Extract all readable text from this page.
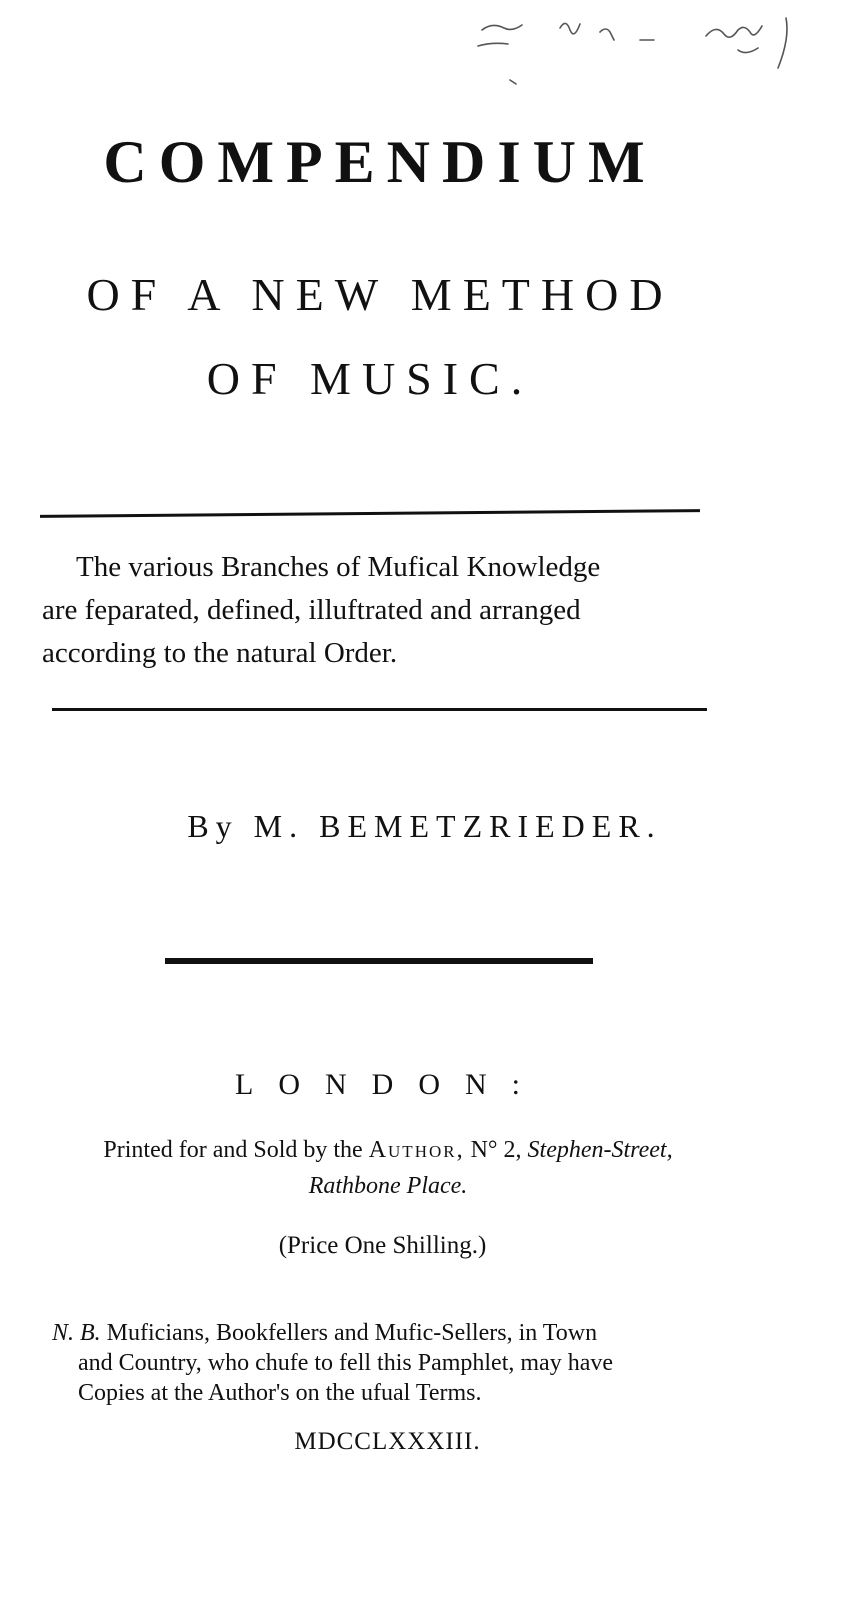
COMPENDIUM
OF A NEW METHOD
OF MUSIC.
The various Branches of Mufical Knowledge
are feparated, defined, illuftrated and arranged
according to the natural Order.
By M. BEMETZRIEDER.
LONDON:
Printed for and Sold by the Author, N° 2, Stephen-Street,
Rathbone Place.
(Price One Shilling.)
N. B. Muficians, Bookfellers and Mufic-Sellers, in Town
and Country, who chufe to fell this Pamphlet, may have
Copies at the Author's on the ufual Terms.
MDCCLXXXIII.
